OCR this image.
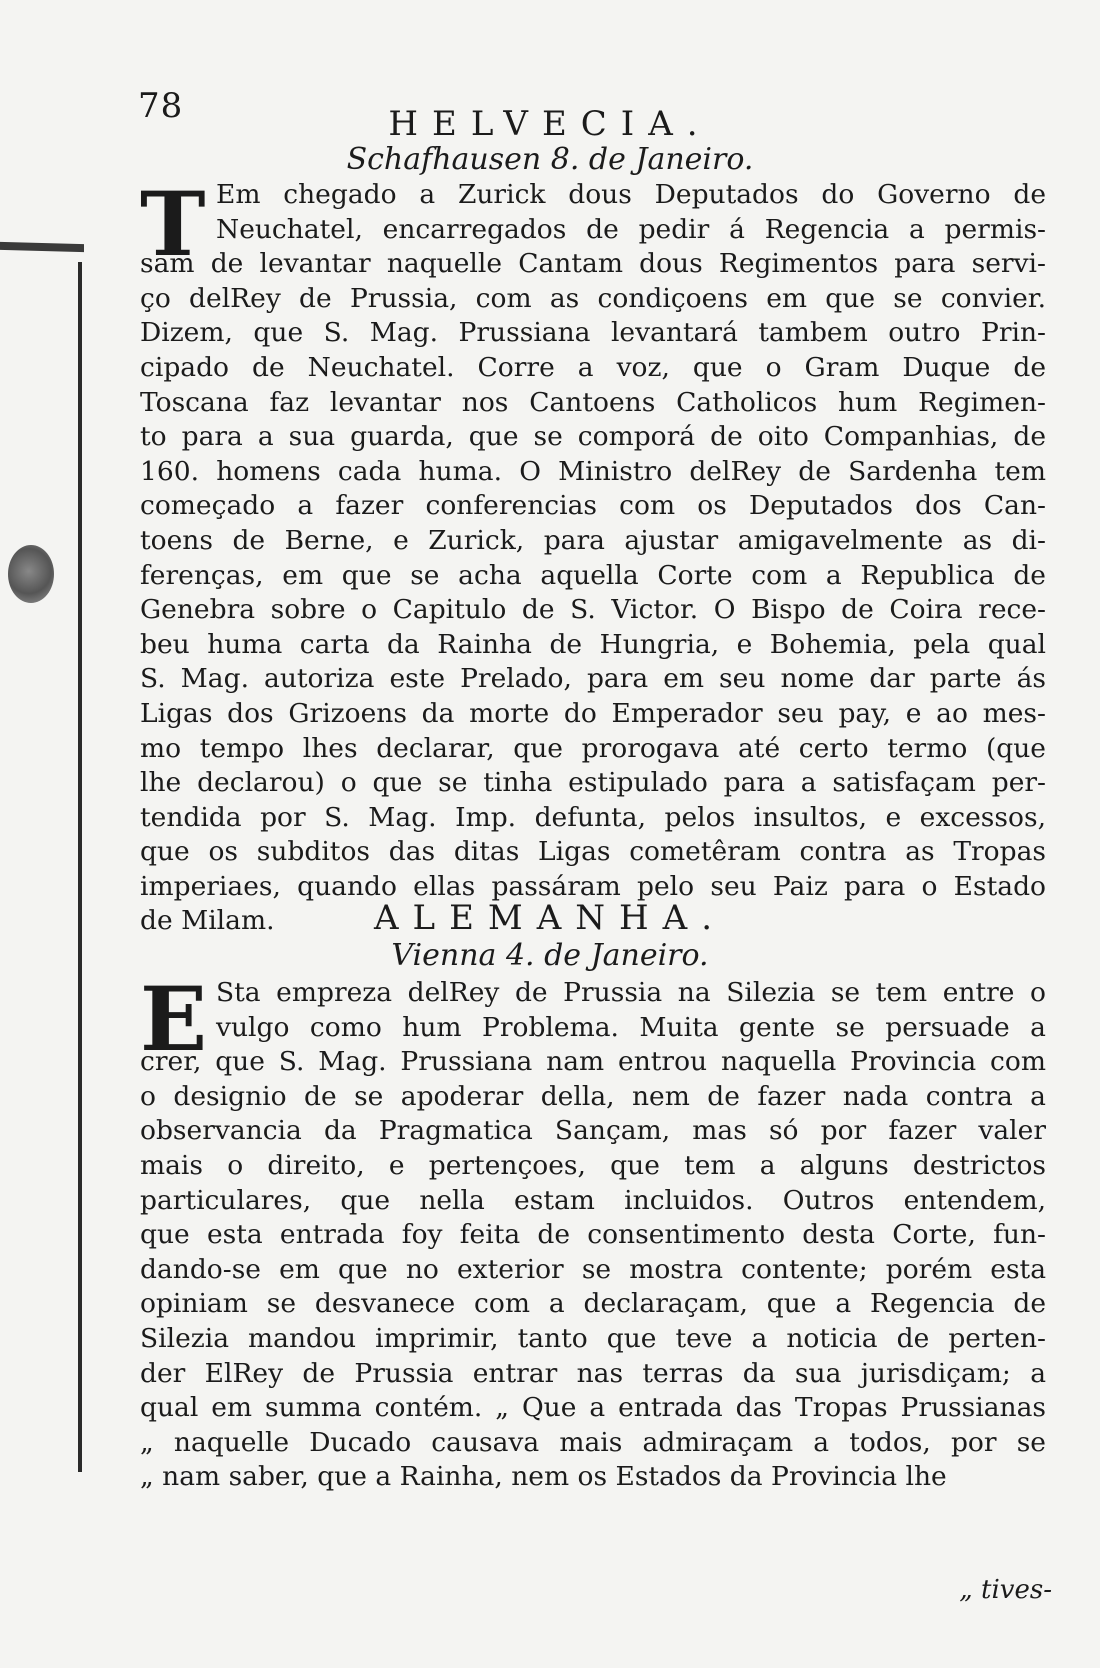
78	HELVECIA.
Schafhausen 8. de Janeiro.
T Em chegado a Zurick dous Deputados do Governo de
Neuchatel, encarregados de pedir á Regencia a permis-
sam de levantar naquelle Cantam dous Regimentos para servi-
ço delRey de Prussia, com as condiçoens em que se convier.
Dizem, que S. Mag. Prussiana levantará tambem outro Prin-
cipado de Neuchatel. Corre a voz, que o Gram Duque de
Toscana faz levantar nos Cantoens Catholicos hum Regimen-
to para a sua guarda, que se comporá de oito Companhias, de
160. homens cada huma. O Ministro delRey de Sardenha tem
começado a fazer conferencias com os Deputados dos Can-
toens de Berne, e Zurick, para ajustar amigavelmente as di-
ferenças, em que se acha aquella Corte com a Republica de
Genebra sobre o Capitulo de S. Victor. O Bispo de Coira rece-
beu huma carta da Rainha de Hungria, e Bohemia, pela qual
S. Mag. autoriza este Prelado, para em seu nome dar parte ás
Ligas dos Grizoens da morte do Emperador seu pay, e ao mes-
mo tempo lhes declarar, que prorogava até certo termo (que
lhe declarou) o que se tinha estipulado para a satisfaçam per-
tendida por S. Mag. Imp. defunta, pelos insultos, e excessos,
que os subditos das ditas Ligas cometêram contra as Tropas
imperiaes, quando ellas passáram pelo seu Paiz para o Estado
de Milam.	ALEMANHA.
Vienna 4. de Janeiro.
E Sta empreza delRey de Prussia na Silezia se tem entre o
vulgo como hum Problema. Muita gente se persuade a
crer, que S. Mag. Prussiana nam entrou naquella Provincia com
o designio de se apoderar della, nem de fazer nada contra a
observancia da Pragmatica Sançam, mas só por fazer valer
mais o direito, e pertençoes, que tem a alguns destrictos
particulares, que nella estam incluidos. Outros entendem,
que esta entrada foy feita de consentimento desta Corte, fun-
dando-se em que no exterior se mostra contente; porém esta
opiniam se desvanece com a declaraçam, que a Regencia de
Silezia mandou imprimir, tanto que teve a noticia de perten-
der ElRey de Prussia entrar nas terras da sua jurisdiçam; a
qual em summa contém. „ Que a entrada das Tropas Prussianas
„ naquelle Ducado causava mais admiraçam a todos, por se
„ nam saber, que a Rainha, nem os Estados da Provincia lhe
„ tives-
